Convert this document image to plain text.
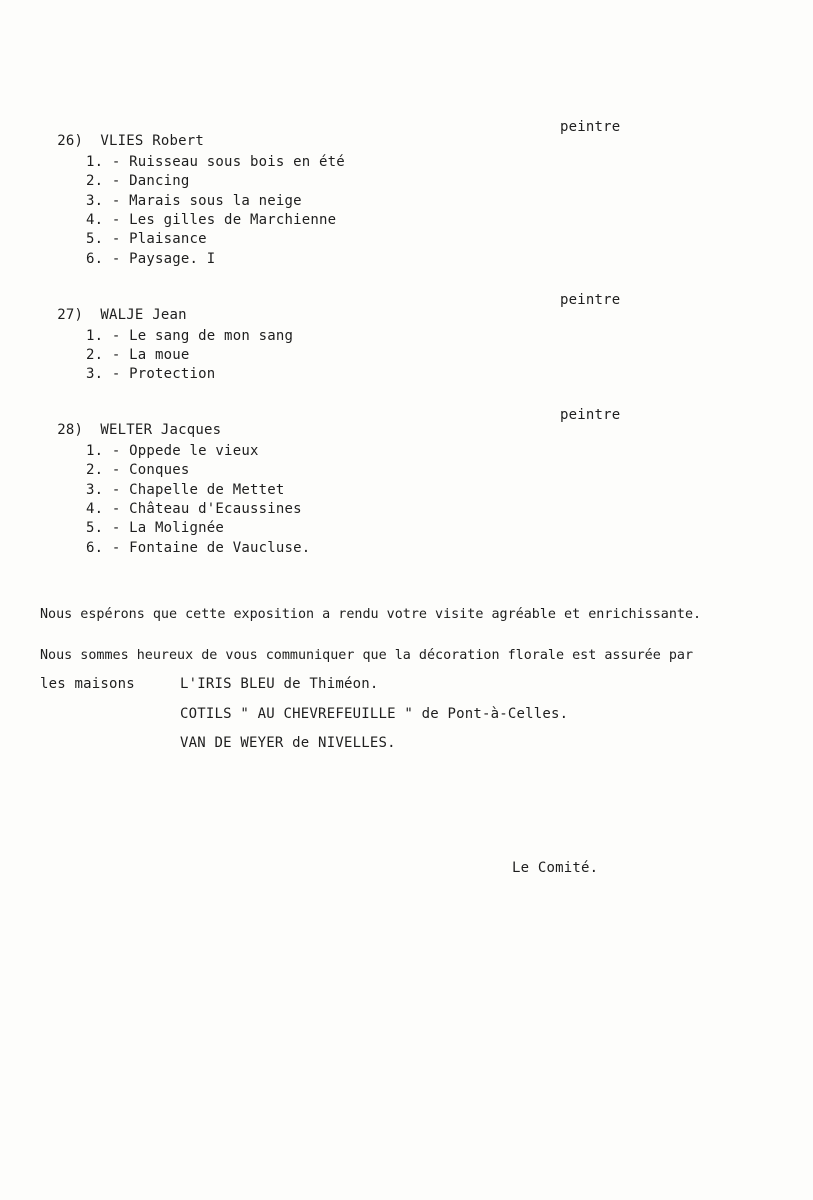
26) VLIES Robert

peintre
1. - Ruisseau sous bois en été
2. - Dancing
3. - Marais sous la neige
4. - Les gilles de Marchienne
5. - Plaisance
6. - Paysage. I

27) WALJE Jean

peintre
1. - Le sang de mon sang
2. - La moue
3. - Protection

28) WELTER Jacques

peintre
1. - Oppede le vieux
2. - Conques
3. - Chapelle de Mettet
4. - Château d'Ecaussines
5. - La Molignée
6. - Fontaine de Vaucluse.
Nous espérons que cette exposition a rendu votre visite agréable et enrichissante.
Nous sommes heureux de vous communiquer que la décoration florale est assurée par
les maisons	L'IRIS BLEU de Thiméon.
COTILS " AU CHEVREFEUILLE " de Pont-à-Celles.
VAN DE WEYER de NIVELLES.
Le Comité.
